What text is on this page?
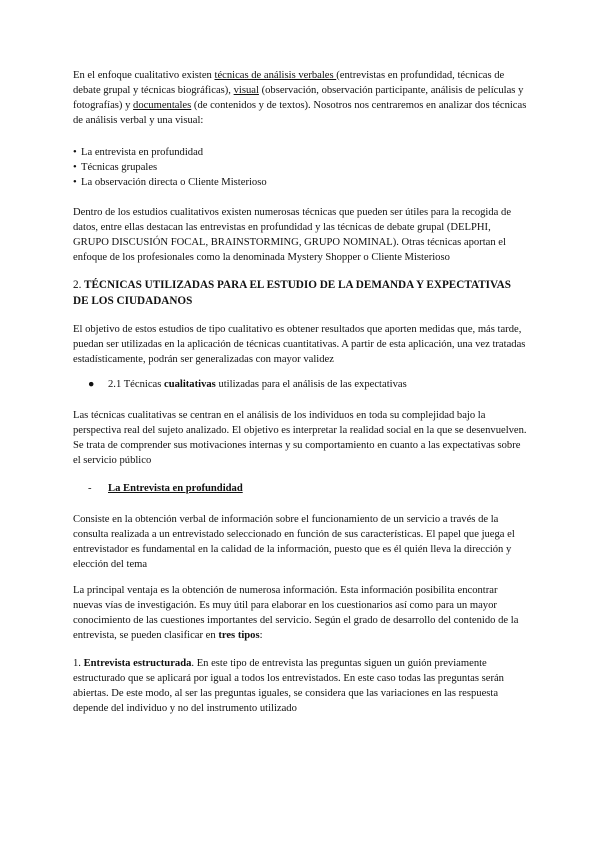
En el enfoque cualitativo existen técnicas de análisis verbales (entrevistas en profundidad, técnicas de debate grupal y técnicas biográficas), visual (observación, observación participante, análisis de películas y fotografías) y documentales (de contenidos y de textos). Nosotros nos centraremos en analizar dos técnicas de análisis verbal y una visual:

• La entrevista en profundidad
• Técnicas grupales
• La observación directa o Cliente Misterioso

Dentro de los estudios cualitativos existen numerosas técnicas que pueden ser útiles para la recogida de datos, entre ellas destacan las entrevistas en profundidad y las técnicas de debate grupal (DELPHI, GRUPO DISCUSIÓN FOCAL, BRAINSTORMING, GRUPO NOMINAL). Otras técnicas aportan el enfoque de los profesionales como la denominada Mystery Shopper o Cliente Misterioso

2. TÉCNICAS UTILIZADAS PARA EL ESTUDIO DE LA DEMANDA Y EXPECTATIVAS DE LOS CIUDADANOS

El objetivo de estos estudios de tipo cualitativo es obtener resultados que aporten medidas que, más tarde, puedan ser utilizadas en la aplicación de técnicas cuantitativas. A partir de esta aplicación, una vez tratadas estadísticamente, podrán ser generalizadas con mayor validez

● 2.1 Técnicas cualitativas utilizadas para el análisis de las expectativas

Las técnicas cualitativas se centran en el análisis de los individuos en toda su complejidad bajo la perspectiva real del sujeto analizado. El objetivo es interpretar la realidad social en la que se desenvuelven. Se trata de comprender sus motivaciones internas y su comportamiento en cuanto a las expectativas sobre el servicio público

- La Entrevista en profundidad

Consiste en la obtención verbal de información sobre el funcionamiento de un servicio a través de la consulta realizada a un entrevistado seleccionado en función de sus características. El papel que juega el entrevistador es fundamental en la calidad de la información, puesto que es él quién lleva la dirección y elección del tema

La principal ventaja es la obtención de numerosa información. Esta información posibilita encontrar nuevas vías de investigación. Es muy útil para elaborar en los cuestionarios así como para un mayor conocimiento de las cuestiones importantes del servicio. Según el grado de desarrollo del contenido de la entrevista, se pueden clasificar en tres tipos:

1. Entrevista estructurada. En este tipo de entrevista las preguntas siguen un guión previamente estructurado que se aplicará por igual a todos los entrevistados. En este caso todas las preguntas serán abiertas. De este modo, al ser las preguntas iguales, se considera que las variaciones en las respuesta depende del individuo y no del instrumento utilizado
